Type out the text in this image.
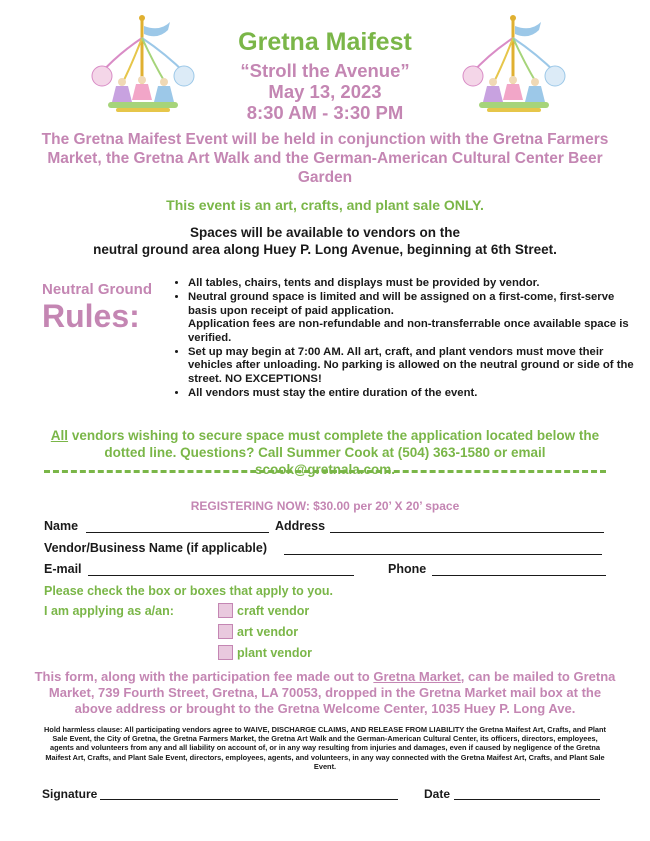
Gretna Maifest
“Stroll the Avenue”
May 13, 2023
8:30 AM - 3:30 PM
The Gretna Maifest Event will be held in conjunction with the Gretna Farmers Market, the Gretna Art Walk and the German-American Cultural Center Beer Garden
This event is an art, crafts, and plant sale ONLY.
Spaces will be available to vendors on the
neutral ground area along Huey P. Long Avenue, beginning at 6th Street.
Neutral Ground
Rules:
• All tables, chairs, tents and displays must be provided by vendor.
• Neutral ground space is limited and will be assigned on a first-come, first-serve basis upon receipt of paid application.
Application fees are non-refundable and non-transferrable once available space is verified.
• Set up may begin at 7:00 AM. All art, craft, and plant vendors must move their vehicles after unloading. No parking is allowed on the neutral ground or side of the street. NO EXCEPTIONS!
• All vendors must stay the entire duration of the event.
All vendors wishing to secure space must complete the application located below the dotted line. Questions? Call Summer Cook at (504) 363-1580 or email
scook@gretnala.com.
REGISTERING NOW: $30.00 per 20’ X 20’ space
Name	Address
Vendor/Business Name (if applicable)
E-mail	Phone
Please check the box or boxes that apply to you.
I am applying as a/an:	craft vendor
art vendor
plant vendor
This form, along with the participation fee made out to Gretna Market, can be mailed to Gretna Market, 739 Fourth Street, Gretna, LA 70053, dropped in the Gretna Market mail box at the above address or brought to the Gretna Welcome Center, 1035 Huey P. Long Ave.
Hold harmless clause: All participating vendors agree to WAIVE, DISCHARGE CLAIMS, AND RELEASE FROM LIABILITY the Gretna Maifest Art, Crafts, and Plant Sale Event, the City of Gretna, the Gretna Farmers Market, the Gretna Art Walk and the German-American Cultural Center, its officers, directors, employees, agents and volunteers from any and all liability on account of, or in any way resulting from injuries and damages, even if caused by negligence of the Gretna Maifest Art, Crafts, and Plant Sale Event, directors, employees, agents, and volunteers, in any way connected with the Gretna Maifest Art, Crafts, and Plant Sale Event.
Signature	Date
